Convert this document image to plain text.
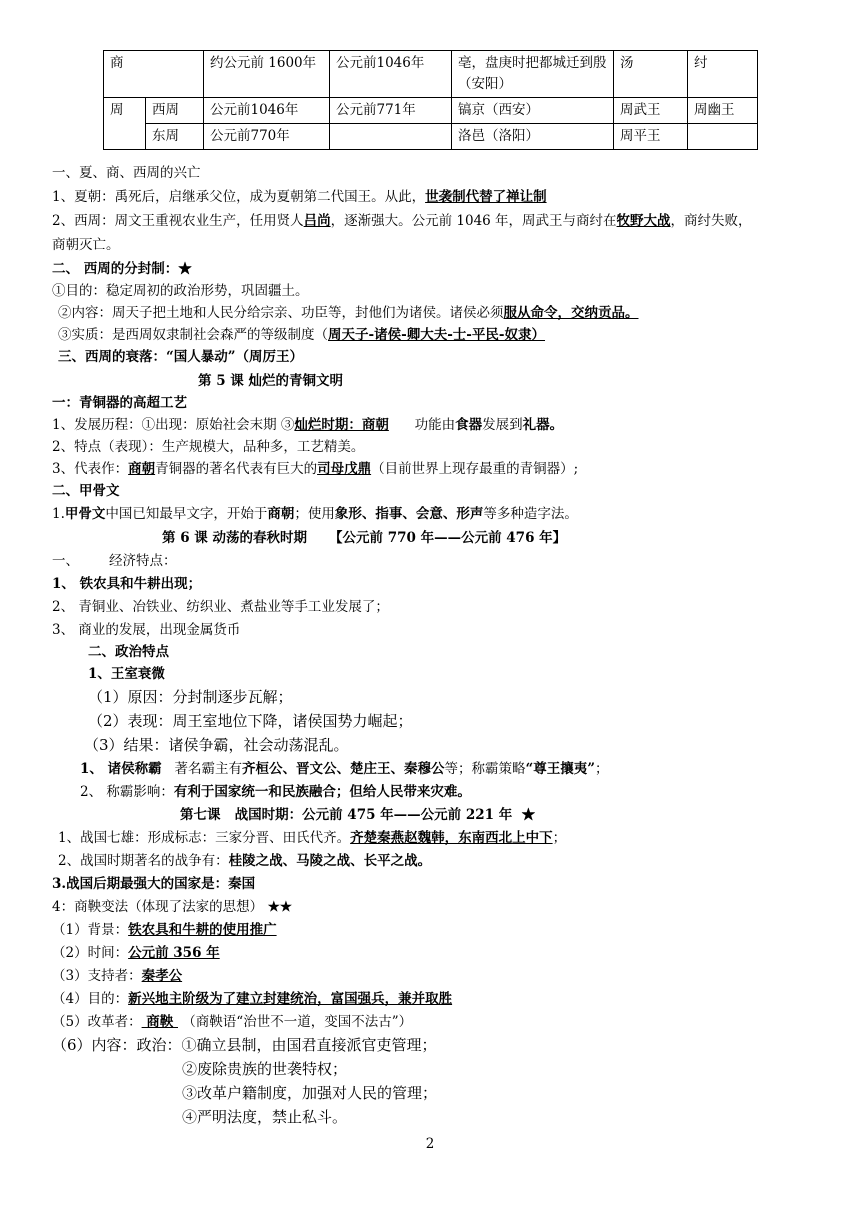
商		约公元前 1600年	公元前1046年	亳，盘庚时把都城迁到殷（安阳）	汤	纣
周	西周	公元前1046年	公元前771年	镐京（西安）	周武王	周幽王
	东周	公元前770年		洛邑（洛阳）	周平王	
一、夏、商、西周的兴亡
1、夏朝：禹死后，启继承父位，成为夏朝第二代国王。从此，世袭制代替了禅让制
2、西周：周文王重视农业生产，任用贤人吕尚，逐渐强大。公元前 1046 年，周武王与商纣在牧野大战，商纣失败，
商朝灭亡。
二、 西周的分封制：★
①目的：稳定周初的政治形势，巩固疆土。
②内容：周天子把土地和人民分给宗亲、功臣等，封他们为诸侯。诸侯必须服从命令，交纳贡品。
③实质：是西周奴隶制社会森严的等级制度（周天子-诸侯-卿大夫-士-平民-奴隶）
三、西周的衰落：“国人暴动”（周厉王）
第 5 课 灿烂的青铜文明
一：青铜器的高超工艺
1、发展历程：①出现：原始社会末期 ③灿烂时期：商朝      功能由食器发展到礼器。
2、特点（表现）：生产规模大，品种多，工艺精美。
3、代表作：商朝青铜器的著名代表有巨大的司母戊鼎（目前世界上现存最重的青铜器）;
二、甲骨文
1.甲骨文中国已知最早文字，开始于商朝；使用象形、指事、会意、形声等多种造字法。
第 6 课 动荡的春秋时期 【公元前 770 年——公元前 476 年】
一、       经济特点：
1、 铁农具和牛耕出现；
2、 青铜业、冶铁业、纺织业、煮盐业等手工业发展了；
3、 商业的发展，出现金属货币
二、政治特点
1、王室衰微
（1）原因：分封制逐步瓦解；
（2）表现：周王室地位下降，诸侯国势力崛起；
（3）结果：诸侯争霸，社会动荡混乱。
1、 诸侯称霸   著名霸主有齐桓公、晋文公、楚庄王、秦穆公等；称霸策略“尊王攘夷”；
2、 称霸影响：有利于国家统一和民族融合；但给人民带来灾难。
第七课   战国时期：公元前 475 年——公元前 221 年  ★
1、战国七雄：形成标志：三家分晋、田氏代齐。齐楚秦燕赵魏韩，东南西北上中下；
2、战国时期著名的战争有：桂陵之战、马陵之战、长平之战。
3.战国后期最强大的国家是：秦国
4：商鞅变法（体现了法家的思想） ★★
（1）背景：铁农具和牛耕的使用推广
（2）时间：公元前 356 年
（3）支持者：秦孝公
（4）目的：新兴地主阶级为了建立封建统治，富国强兵，兼并取胜
（5）改革者： 商鞅  （商鞅语“治世不一道，变国不法古”）
（6）内容：政治：①确立县制，由国君直接派官吏管理；
②废除贵族的世袭特权；
③改革户籍制度，加强对人民的管理；
④严明法度，禁止私斗。
2
